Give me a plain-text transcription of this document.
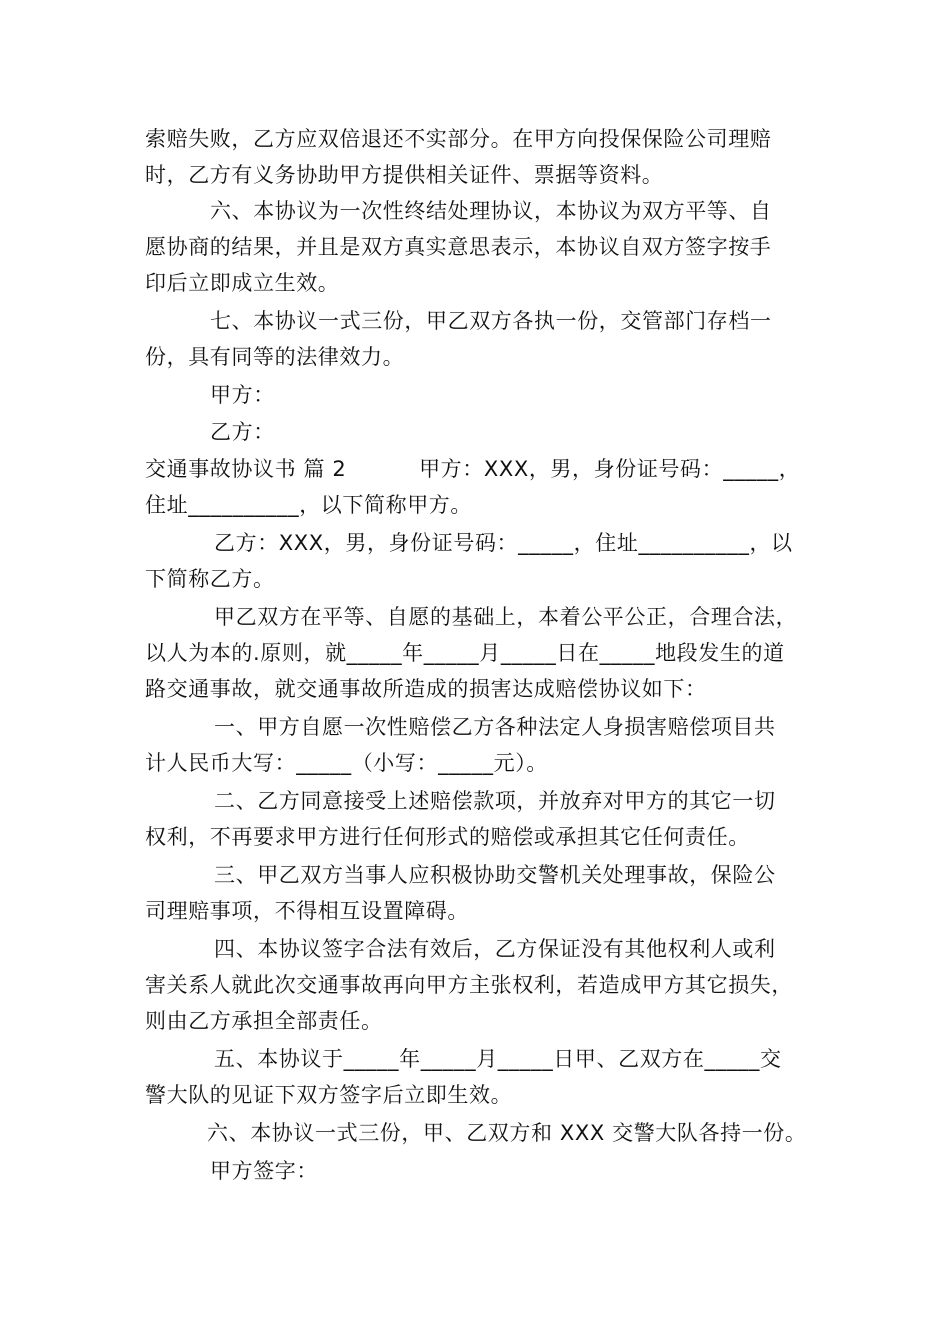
索赔失败，乙方应双倍退还不实部分。在甲方向投保保险公司理赔
时，乙方有义务协助甲方提供相关证件、票据等资料。
六、本协议为一次性终结处理协议，本协议为双方平等、自
愿协商的结果，并且是双方真实意思表示，本协议自双方签字按手
印后立即成立生效。
七、本协议一式三份，甲乙双方各执一份，交管部门存档一
份，具有同等的法律效力。
甲方：
乙方：
交通事故协议书 篇 2          甲方：XXX，男，身份证号码：_____，
住址__________，以下简称甲方。
乙方：XXX，男，身份证号码：_____，住址__________，以
下简称乙方。
甲乙双方在平等、自愿的基础上，本着公平公正，合理合法，
以人为本的.原则，就_____年_____月_____日在_____地段发生的道
路交通事故，就交通事故所造成的损害达成赔偿协议如下：
一、甲方自愿一次性赔偿乙方各种法定人身损害赔偿项目共
计人民币大写：_____（小写：_____元）。
二、乙方同意接受上述赔偿款项，并放弃对甲方的其它一切
权利，不再要求甲方进行任何形式的赔偿或承担其它任何责任。
三、甲乙双方当事人应积极协助交警机关处理事故，保险公
司理赔事项，不得相互设置障碍。
四、本协议签字合法有效后，乙方保证没有其他权利人或利
害关系人就此次交通事故再向甲方主张权利，若造成甲方其它损失，
则由乙方承担全部责任。
五、本协议于_____年_____月_____日甲、乙双方在_____交
警大队的见证下双方签字后立即生效。
六、本协议一式三份，甲、乙双方和 XXX 交警大队各持一份。
甲方签字：
